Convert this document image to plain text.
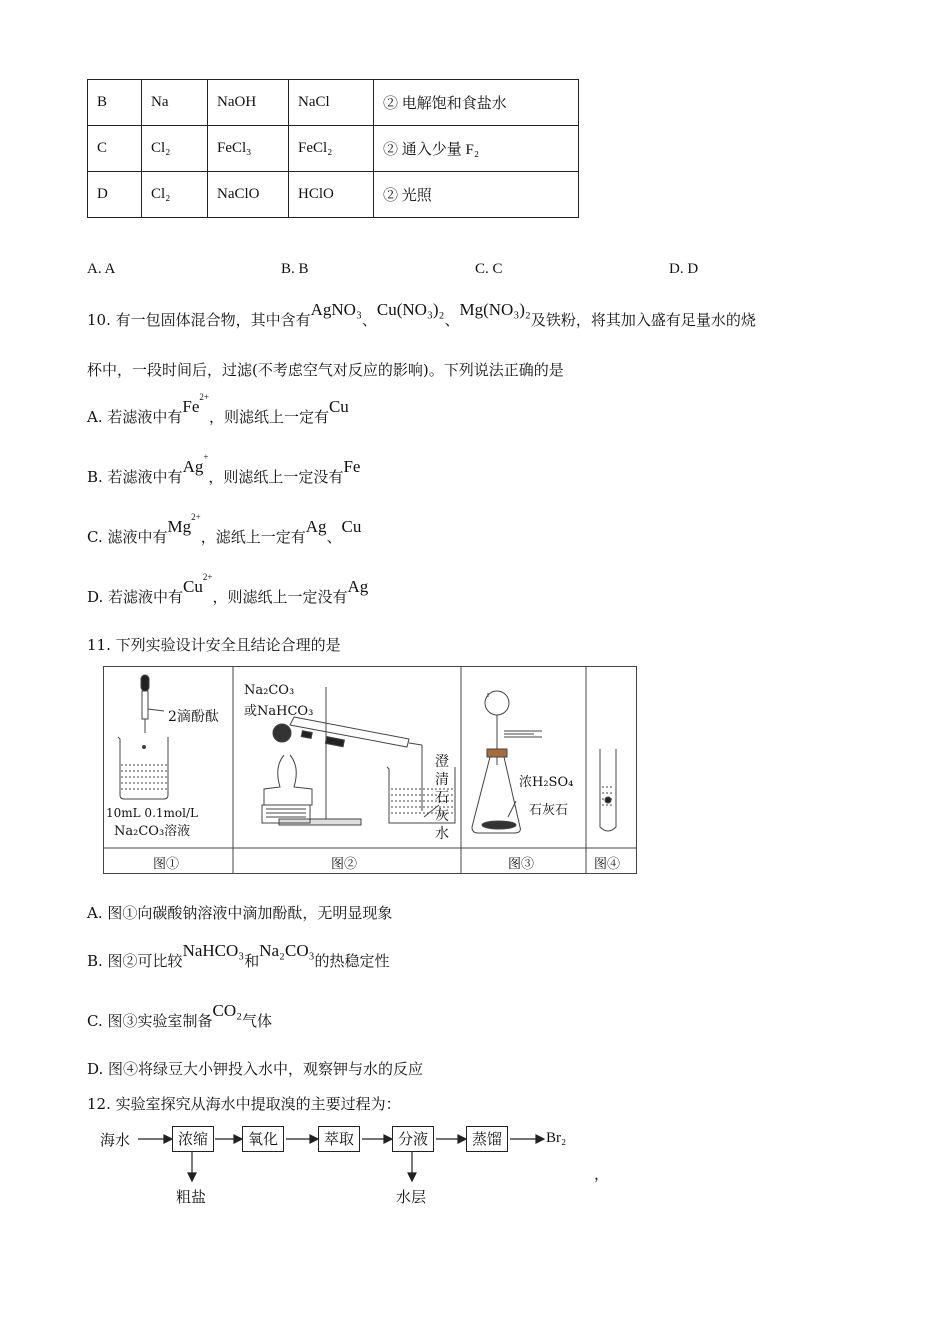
B	Na	NaOH	NaCl	② 电解饱和食盐水
C	Cl₂	FeCl₃	FeCl₂	② 通入少量 F₂
D	Cl₂	NaClO	HClO	② 光照
A. A	B. B	C. C	D. D
10. 有一包固体混合物，其中含有AgNO₃、Cu(NO₃)₂、Mg(NO₃)₂及铁粉，将其加入盛有足量水的烧
杯中，一段时间后，过滤(不考虑空气对反应的影响)。下列说法正确的是
A. 若滤液中有$Fe^{2+}$，则滤纸上一定有Cu
B. 若滤液中有Ag+，则滤纸上一定没有Fe
C. 滤液中有$Mg^{2+}$，滤纸上一定有Ag、Cu
D. 若滤液中有$Cu^{2+}$，则滤纸上一定没有Ag
11. 下列实验设计安全且结论合理的是
2滴酚酞
10mL 0.1mol/L
Na₂CO₃溶液
Na₂CO₃
或NaHCO₃
澄
清
石
灰
水
浓H₂SO₄
石灰石
图①	图②	图③	图④
A. 图①向碳酸钠溶液中滴加酚酞，无明显现象
B. 图②可比较NaHCO₃和Na₂CO₃的热稳定性
C. 图③实验室制备CO₂气体
D. 图④将绿豆大小钾投入水中，观察钾与水的反应
12. 实验室探究从海水中提取溴的主要过程为：
海水	浓缩	氧化	萃取	分液	蒸馏	Br₂
粗盐	水层
，
